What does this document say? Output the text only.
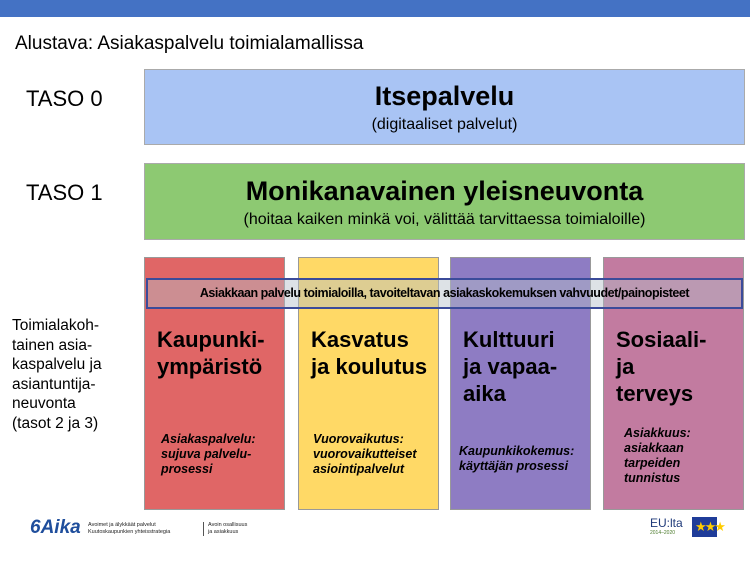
Alustava: Asiakaspalvelu toimialamallissa
TASO 0	Itsepalvelu
(digitaaliset palvelut)
TASO 1	Monikanavainen yleisneuvonta
(hoitaa kaiken minkä voi, välittää tarvittaessa toimialoille)
Toimialakoh-
tainen asia-
kaspalvelu ja
asiantuntija-
neuvonta
(tasot 2 ja 3)
Kaupunki-
ympäristö
Asiakaspalvelu:
sujuva palvelu-
prosessi
Kasvatus
ja koulutus
Vuorovaikutus:
vuorovaikutteiset
asiointipalvelut
Kulttuuri
ja vapaa-
aika
Kaupunkikokemus:
käyttäjän prosessi
Sosiaali-
ja
terveys
Asiakkuus:
asiakkaan
tarpeiden
tunnistus
Asiakkaan palvelu toimialoilla, tavoiteltavan asiakaskokemuksen vahvuudet/painopisteet
6Aika Avoimet ja älykkäät palvelut
Kuutoskaupunkien yhteisstrategia
Avoin osallisuus
ja asiakkuus
EU:lta
2014–2020	★★★
